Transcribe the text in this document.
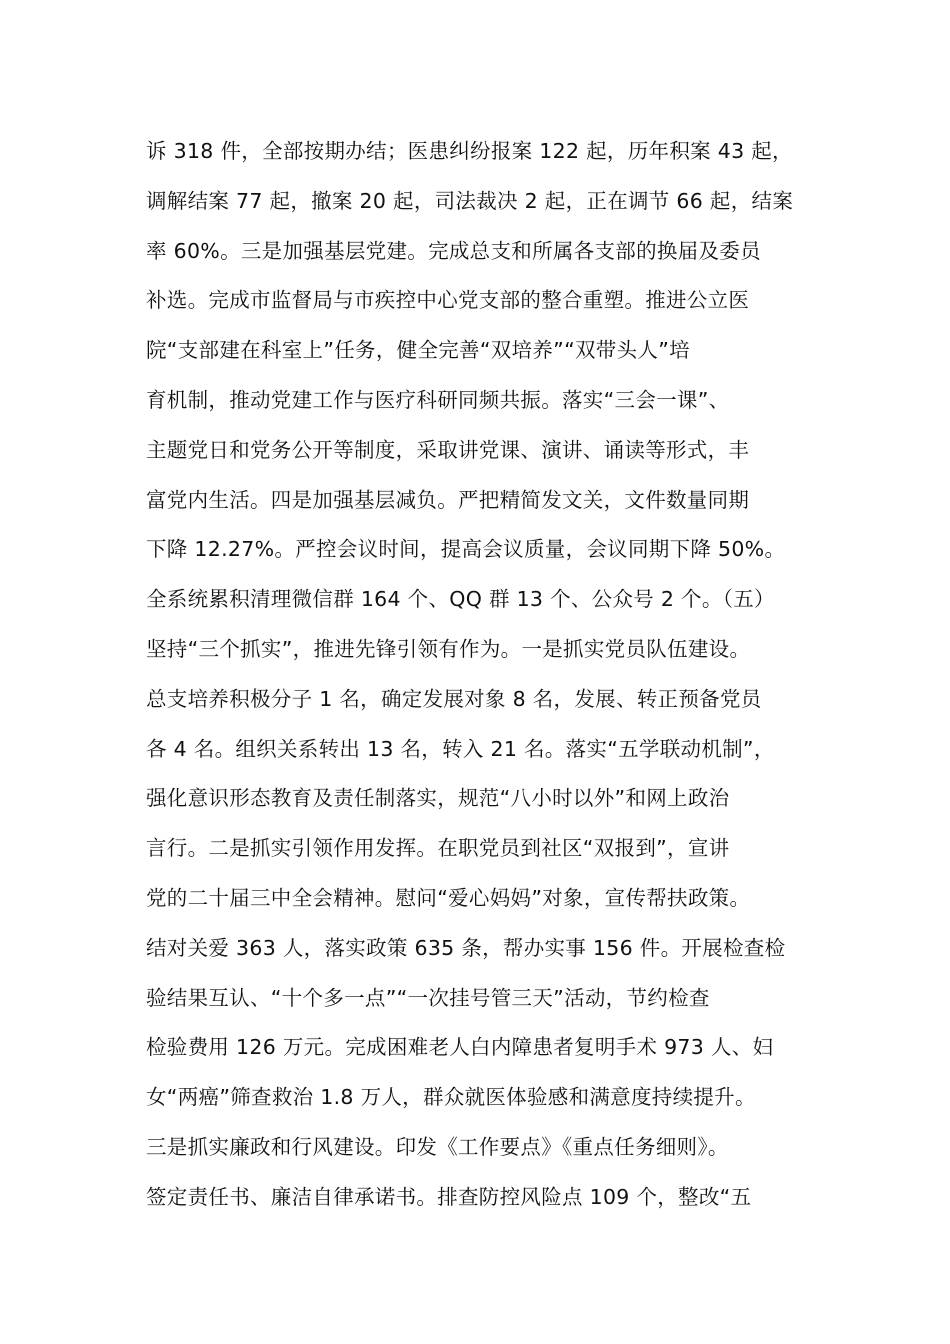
诉 318 件，全部按期办结；医患纠纷报案 122 起，历年积案 43 起，
调解结案 77 起，撤案 20 起，司法裁决 2 起，正在调节 66 起，结案
率 60%。三是加强基层党建。完成总支和所属各支部的换届及委员
补选。完成市监督局与市疾控中心党支部的整合重塑。推进公立医
院“支部建在科室上”任务，健全完善“双培养”“双带头人”培
育机制，推动党建工作与医疗科研同频共振。落实“三会一课”、
主题党日和党务公开等制度，采取讲党课、演讲、诵读等形式，丰
富党内生活。四是加强基层减负。严把精简发文关，文件数量同期
下降 12.27%。严控会议时间，提高会议质量，会议同期下降 50%。
全系统累积清理微信群 164 个、QQ 群 13 个、公众号 2 个。（五）
坚持“三个抓实”，推进先锋引领有作为。一是抓实党员队伍建设。
总支培养积极分子 1 名，确定发展对象 8 名，发展、转正预备党员
各 4 名。组织关系转出 13 名，转入 21 名。落实“五学联动机制”，
强化意识形态教育及责任制落实，规范“八小时以外”和网上政治
言行。二是抓实引领作用发挥。在职党员到社区“双报到”，宣讲
党的二十届三中全会精神。慰问“爱心妈妈”对象，宣传帮扶政策。
结对关爱 363 人，落实政策 635 条，帮办实事 156 件。开展检查检
验结果互认、“十个多一点”“一次挂号管三天”活动，节约检查
检验费用 126 万元。完成困难老人白内障患者复明手术 973 人、妇
女“两癌”筛查救治 1.8 万人，群众就医体验感和满意度持续提升。
三是抓实廉政和行风建设。印发《工作要点》《重点任务细则》。
签定责任书、廉洁自律承诺书。排查防控风险点 109 个，整改“五
